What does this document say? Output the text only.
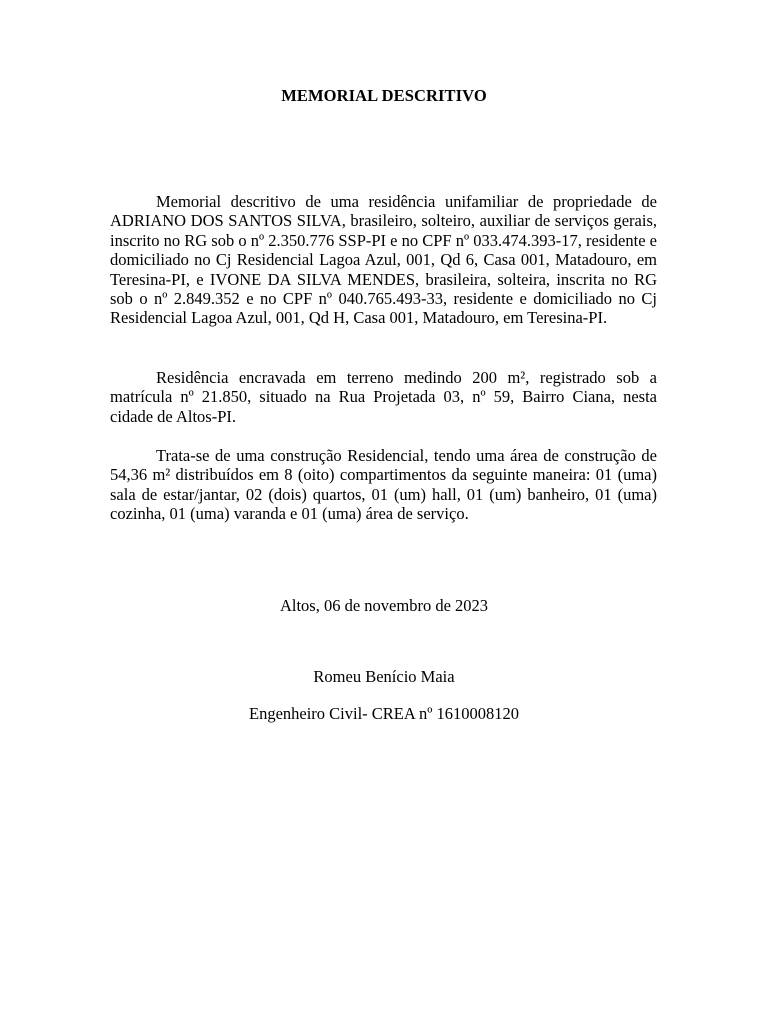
MEMORIAL DESCRITIVO

Memorial descritivo de uma residência unifamiliar de propriedade de ADRIANO DOS SANTOS SILVA, brasileiro, solteiro, auxiliar de serviços gerais, inscrito no RG sob o nº 2.350.776 SSP-PI e no CPF nº 033.474.393-17, residente e domiciliado no Cj Residencial Lagoa Azul, 001, Qd 6, Casa 001, Matadouro, em Teresina-PI, e IVONE DA SILVA MENDES, brasileira, solteira, inscrita no RG sob o nº 2.849.352 e no CPF nº 040.765.493-33, residente e domiciliado no Cj Residencial Lagoa Azul, 001, Qd H, Casa 001, Matadouro, em Teresina-PI.

Residência encravada em terreno medindo 200 m², registrado sob a matrícula nº 21.850, situado na Rua Projetada 03, nº 59, Bairro Ciana, nesta cidade de Altos-PI.

Trata-se de uma construção Residencial, tendo uma área de construção de 54,36 m² distribuídos em 8 (oito) compartimentos da seguinte maneira: 01 (uma) sala de estar/jantar, 02 (dois) quartos, 01 (um) hall, 01 (um) banheiro, 01 (uma) cozinha, 01 (uma) varanda e 01 (uma) área de serviço.

Altos, 06 de novembro de 2023
Romeu Benício Maia
Engenheiro Civil- CREA nº 1610008120
